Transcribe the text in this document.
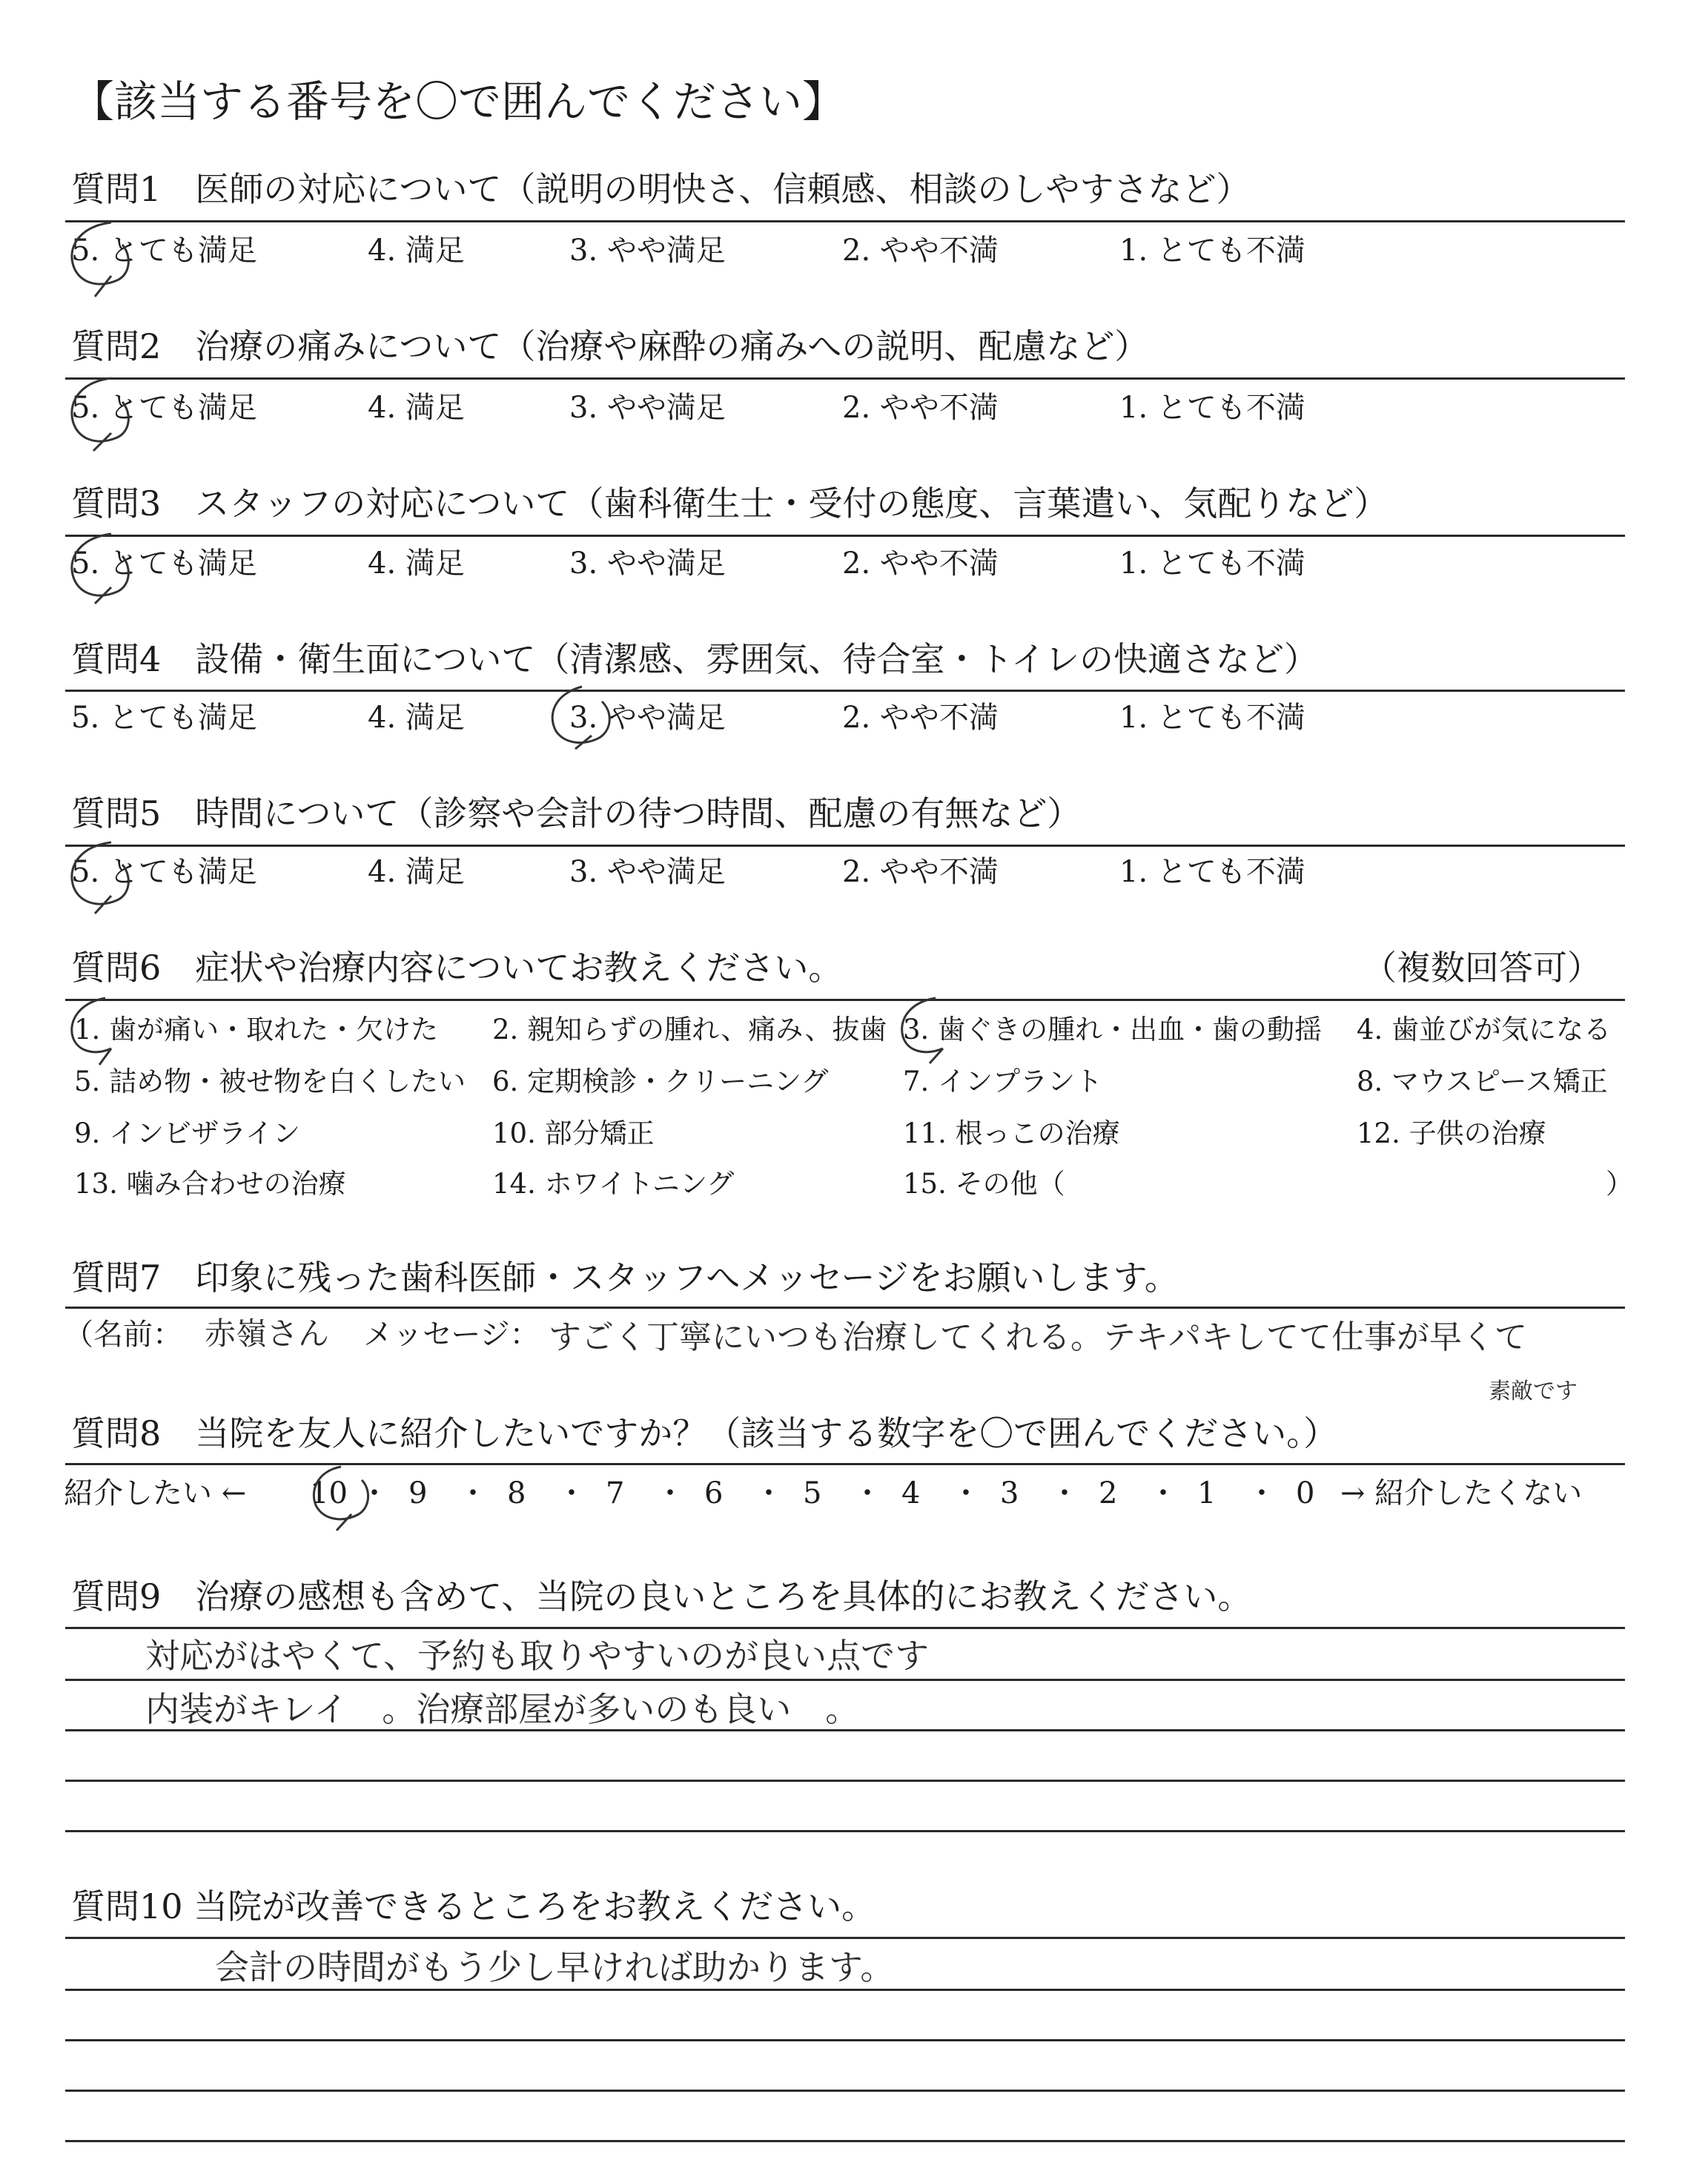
【該当する番号を〇で囲んでください】
質問1　医師の対応について（説明の明快さ、信頼感、相談のしやすさなど）
5. とても満足	4. 満足	3. やや満足	2. やや不満	1. とても不満
質問2　治療の痛みについて（治療や麻酔の痛みへの説明、配慮など）
5. とても満足	4. 満足	3. やや満足	2. やや不満	1. とても不満
質問3　スタッフの対応について（歯科衛生士・受付の態度、言葉遣い、気配りなど）
5. とても満足	4. 満足	3. やや満足	2. やや不満	1. とても不満
質問4　設備・衛生面について（清潔感、雰囲気、待合室・トイレの快適さなど）
5. とても満足	4. 満足	3. やや満足	2. やや不満	1. とても不満
質問5　時間について（診察や会計の待つ時間、配慮の有無など）
5. とても満足	4. 満足	3. やや満足	2. やや不満	1. とても不満
質問6　症状や治療内容についてお教えください。	（複数回答可）
1. 歯が痛い・取れた・欠けた 2. 親知らずの腫れ、痛み、抜歯 3. 歯ぐきの腫れ・出血・歯の動揺 4. 歯並びが気になる
5. 詰め物・被せ物を白くしたい 6. 定期検診・クリーニング	7. インプラント	8. マウスピース矯正
9. インビザライン	10. 部分矯正	11. 根っこの治療	12. 子供の治療
13. 噛み合わせの治療	14. ホワイトニング	15. その他（	）
質問7　印象に残った歯科医師・スタッフへメッセージをお願いします。
（名前： 赤嶺さん メッセージ： すごく丁寧にいつも治療してくれる。テキパキしてて仕事が早くて
素敵です
質問8　当院を友人に紹介したいですか？（該当する数字を〇で囲んでください。）
紹介したい ←	→ 紹介したくない
10 ・ 9 ・ 8 ・ 7 ・ 6 ・ 5 ・ 4 ・ 3 ・ 2 ・ 1 ・ 0
質問9　治療の感想も含めて、当院の良いところを具体的にお教えください。
対応がはやくて、予約も取りやすいのが良い点です
内装がキレイ　。治療部屋が多いのも良い　。
質問10 当院が改善できるところをお教えください。
会計の時間がもう少し早ければ助かります。
